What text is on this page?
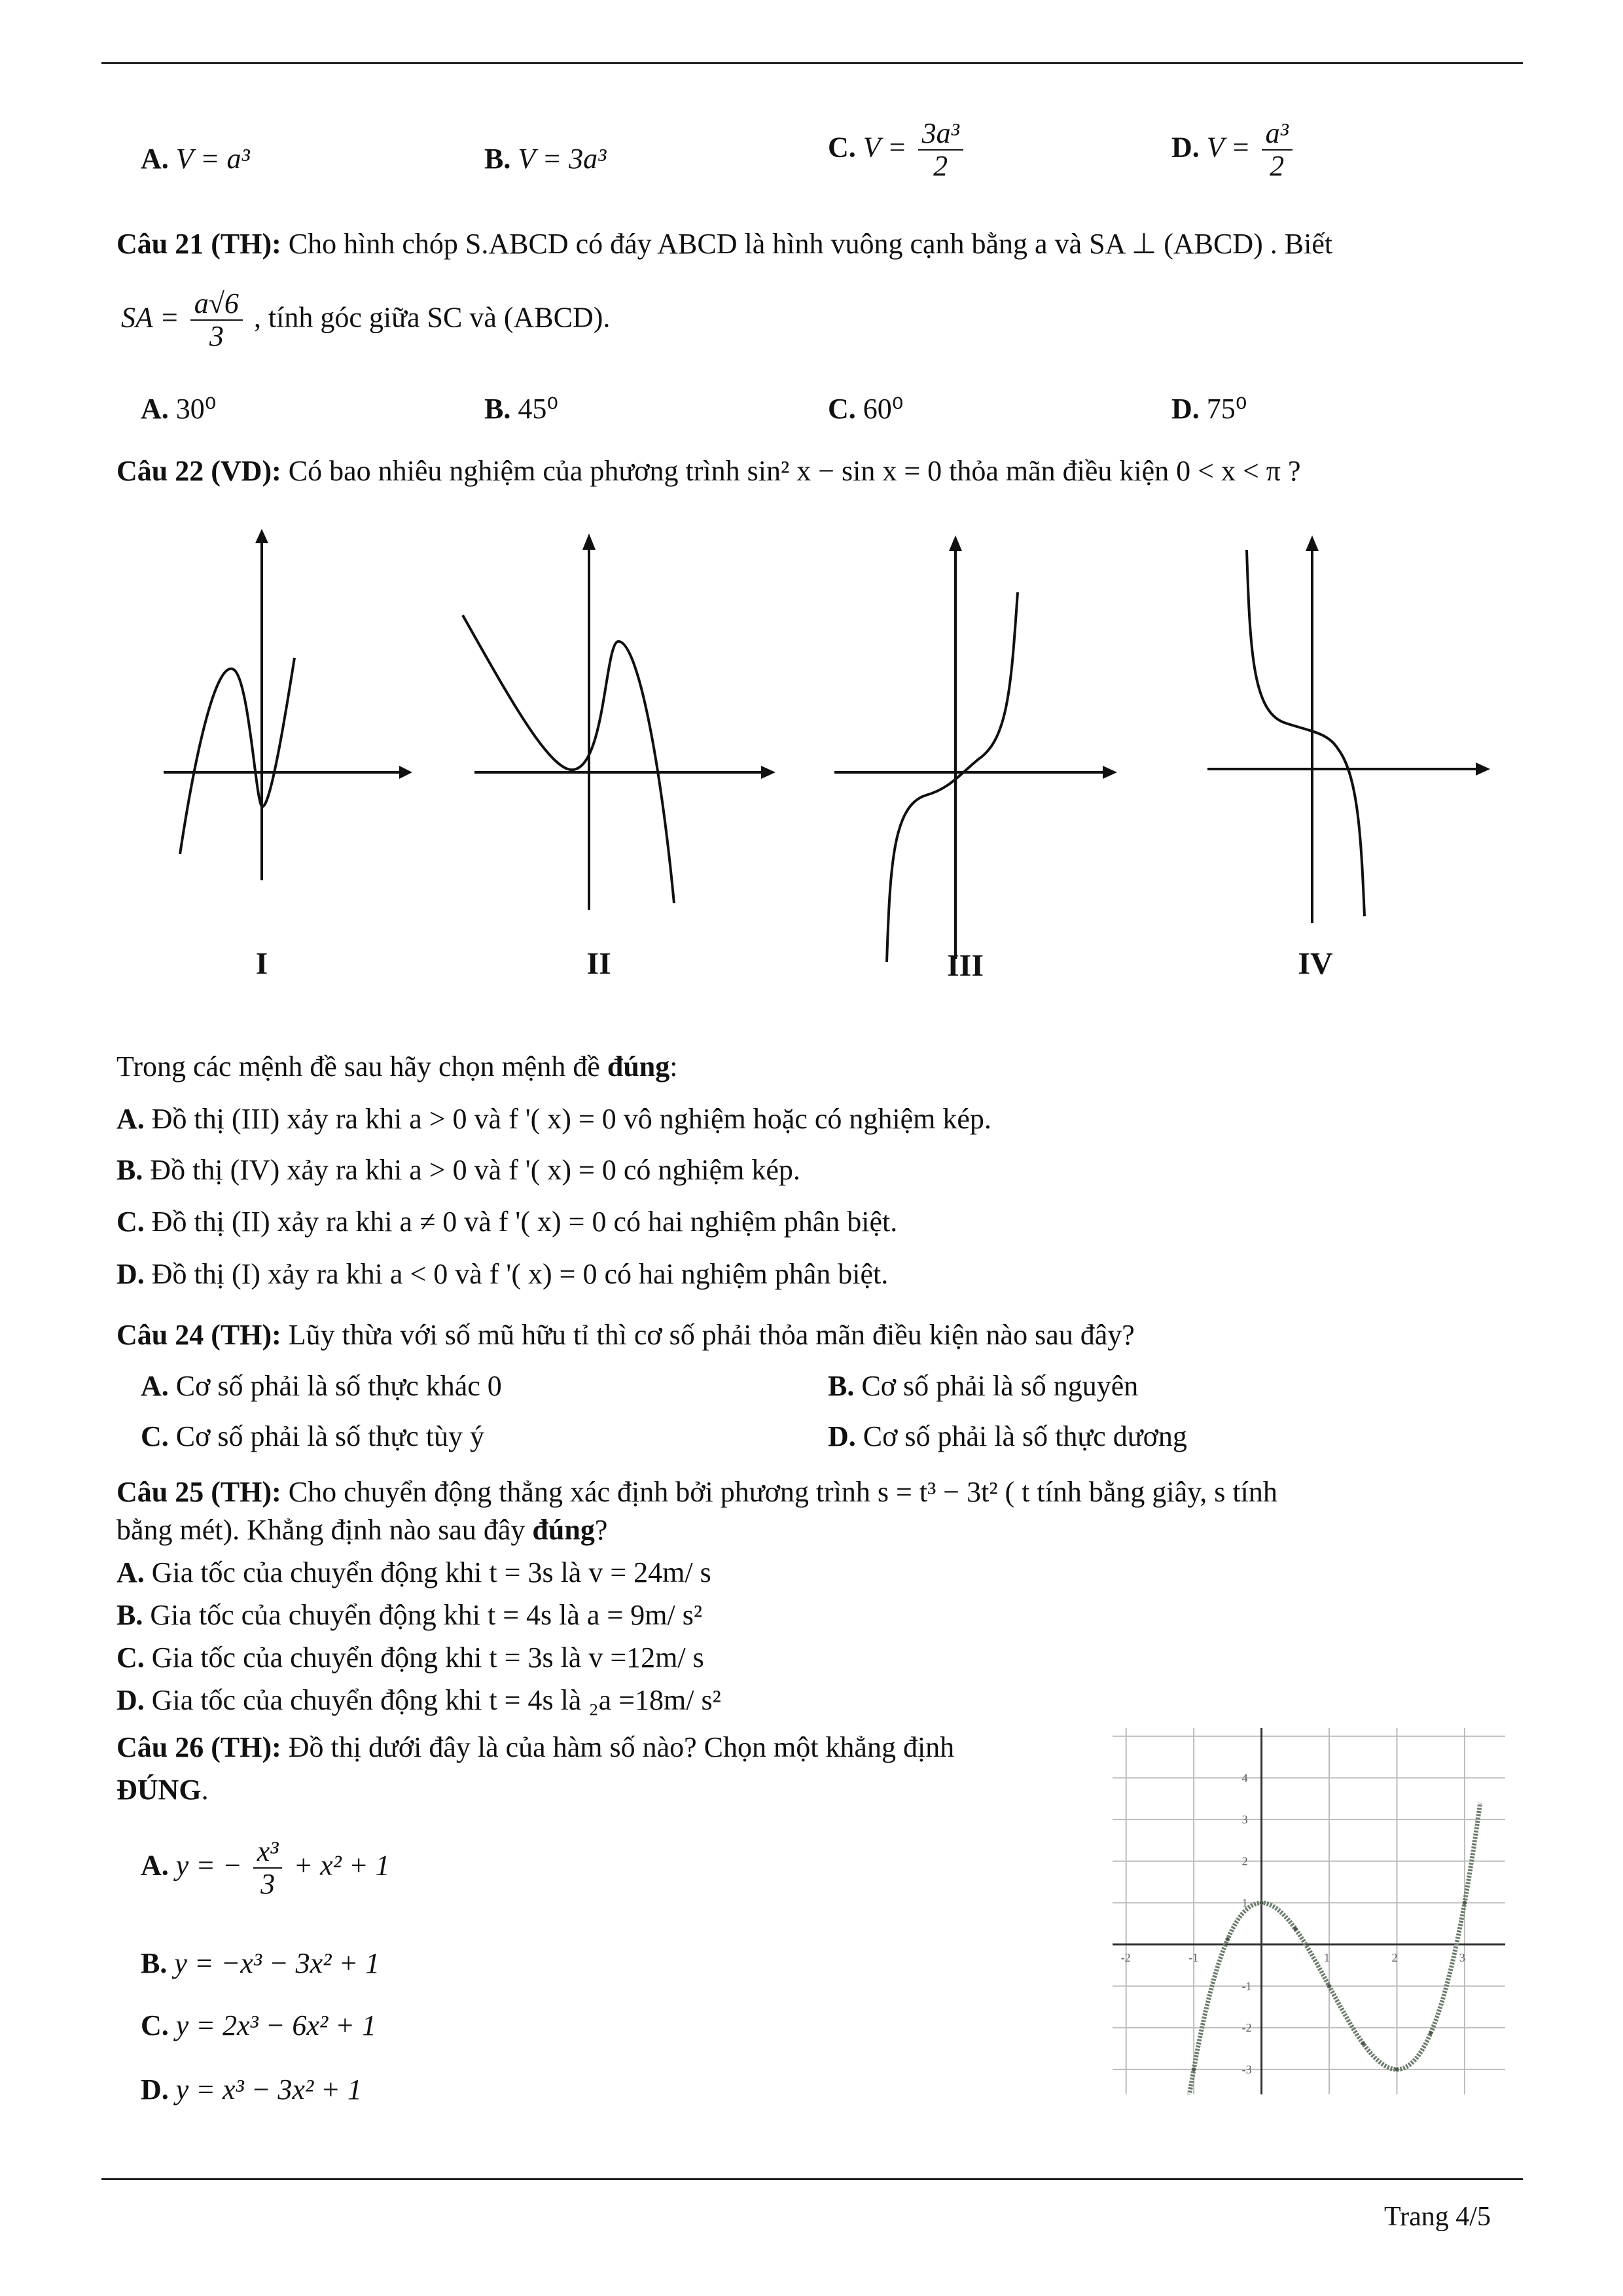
A. V = a³	B. V = 3a³	C. $V = \frac{\text{3a³}}{2}$	D. $V = \frac{\text{a³}}{2}$
Câu 21 (TH): Cho hình chóp S.ABCD có đáy ABCD là hình vuông cạnh bằng a và SA ⊥ (ABCD) . Biết
SA = $\frac{a√6}{3}$ , tính góc giữa SC và (ABCD).
A. 30⁰	B. 45⁰	C. 60⁰	D. 75⁰
Câu 22 (VD): Có bao nhiêu nghiệm của phương trình sin² x − sin x = 0 thỏa mãn điều kiện 0 < x < π ?
I	II	III	IV
Trong các mệnh đề sau hãy chọn mệnh đề đúng:
A. Đồ thị (III) xảy ra khi a > 0 và f '( x) = 0 vô nghiệm hoặc có nghiệm kép.
B. Đồ thị (IV) xảy ra khi a > 0 và f '( x) = 0 có nghiệm kép.
C. Đồ thị (II) xảy ra khi a ≠ 0 và f '( x) = 0 có hai nghiệm phân biệt.
D. Đồ thị (I) xảy ra khi a < 0 và f '( x) = 0 có hai nghiệm phân biệt.
Câu 24 (TH): Lũy thừa với số mũ hữu tỉ thì cơ số phải thỏa mãn điều kiện nào sau đây?
A. Cơ số phải là số thực khác 0	B. Cơ số phải là số nguyên
C. Cơ số phải là số thực tùy ý	D. Cơ số phải là số thực dương
Câu 25 (TH): Cho chuyển động thẳng xác định bởi phương trình s = t³ − 3t² ( t tính bằng giây, s tính
bằng mét). Khẳng định nào sau đây đúng?
A. Gia tốc của chuyển động khi t = 3s là v = 24m/ s
B. Gia tốc của chuyển động khi t = 4s là a = 9m/ s²
C. Gia tốc của chuyển động khi t = 3s là v =12m/ s
D. Gia tốc của chuyển động khi t = 4s là ₂a =18m/ s²
Câu 26 (TH): Đồ thị dưới đây là của hàm số nào? Chọn một khẳng định
ĐÚNG.
A. y = − $\frac{\text{x³}}{3} + x^2 + 1$
B. y = −x³ − 3x² + 1
C. y = 2x³ − 6x² + 1
D. y = x³ − 3x² + 1
-2	-1	1	2	3
-3
-2
-1
1
2
3
4
Trang 4/5
